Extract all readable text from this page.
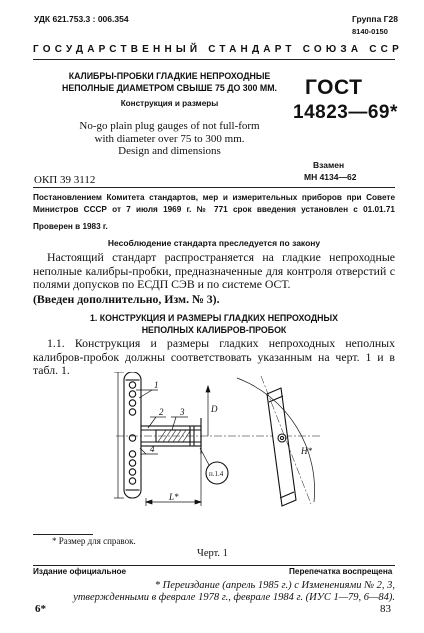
УДК 621.753.3 : 006.354	Группа Г28
8140-0150
ГОСУДАРСТВЕННЫЙ СТАНДАРТ СОЮЗА ССР
КАЛИБРЫ-ПРОБКИ ГЛАДКИЕ НЕПРОХОДНЫЕ
НЕПОЛНЫЕ ДИАМЕТРОМ СВЫШЕ 75 ДО 300 ММ.
Конструкция и размеры
No-go plain plug gauges of not full-form
with diameter over 75 to 300 mm.
Design and dimensions
ГОСТ
14823—69*
Взамен
МН 4134—62
ОКП 39 3112
Постановлением Комитета стандартов, мер и измерительных приборов при Совете Министров СССР от 7 июля 1969 г. № 771 срок введения установлен с 01.01.71
Проверен в 1983 г.
Несоблюдение стандарта преследуется по закону
Настоящий стандарт распространяется на гладкие непроходные неполные калибры-пробки, предназначенные для контроля отверстий с полями допусков по ЕСДП СЭВ и по системе ОСТ.
(Введен дополнительно, Изм. № 3).
1. КОНСТРУКЦИЯ И РАЗМЕРЫ ГЛАДКИХ НЕПРОХОДНЫХ
НЕПОЛНЫХ КАЛИБРОВ-ПРОБОК
1.1. Конструкция и размеры гладких непроходных неполных калибров-пробок должны соответствовать указанным на черт. 1 и в табл. 1.
1
2 3
4
L*
D
H*
п.1.4
* Размер для справок.
Черт. 1
Издание официальное	Перепечатка воспрещена
* Переиздание (апрель 1985 г.) с Изменениями № 2, 3,
утвержденными в феврале 1978 г., феврале 1984 г. (ИУС 1—79, 6—84).
6*	83
